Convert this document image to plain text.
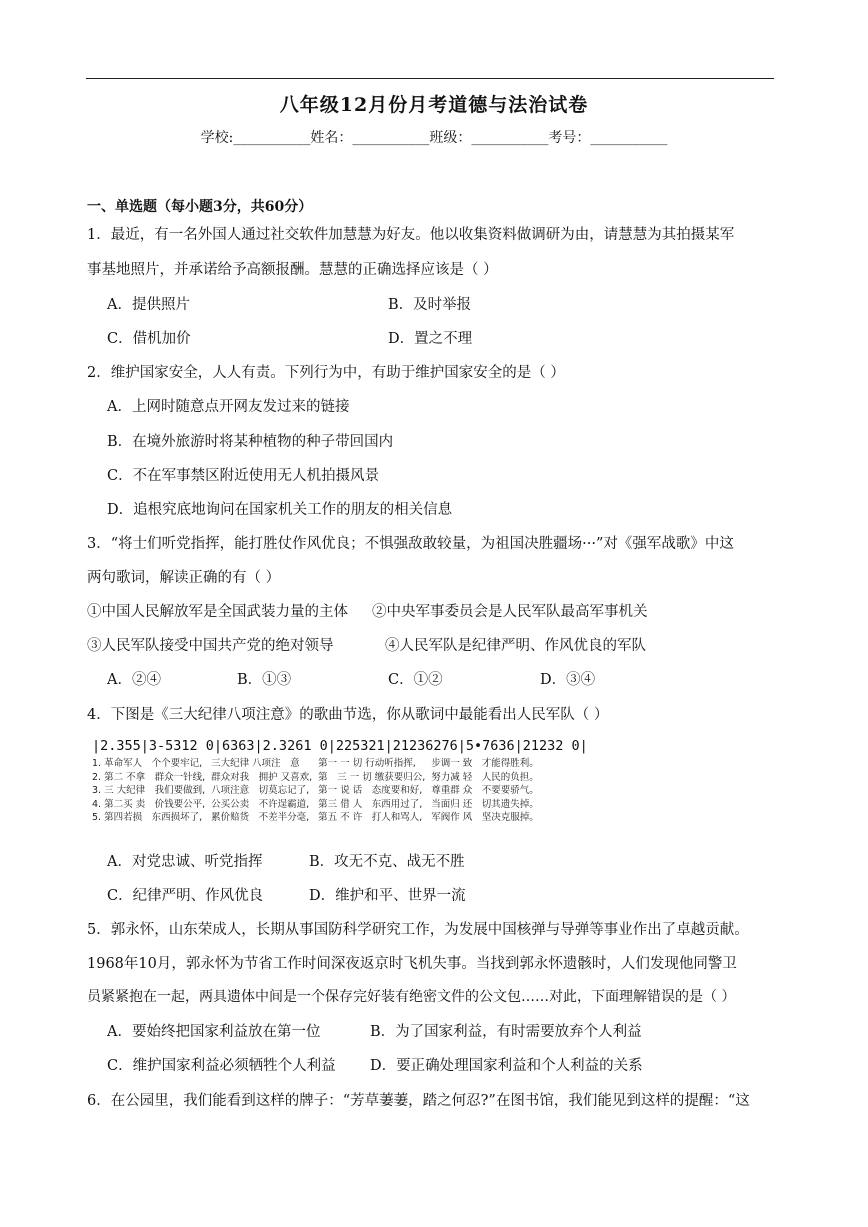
八年级12月份月考道德与法治试卷
学校:___________姓名：___________班级：___________考号：___________
一、单选题（每小题3分，共60分）
1．最近，有一名外国人通过社交软件加慧慧为好友。他以收集资料做调研为由，请慧慧为其拍摄某军
事基地照片，并承诺给予高额报酬。慧慧的正确选择应该是（ ）
A．提供照片	B．及时举报
C．借机加价	D．置之不理
2．维护国家安全，人人有责。下列行为中，有助于维护国家安全的是（ ）
A．上网时随意点开网友发过来的链接
B．在境外旅游时将某种植物的种子带回国内
C．不在军事禁区附近使用无人机拍摄风景
D．追根究底地询问在国家机关工作的朋友的相关信息
3．“将士们听党指挥，能打胜仗作风优良；不惧强敌敢较量，为祖国决胜疆场···”对《强军战歌》中这
两句歌词，解读正确的有（ ）
①中国人民解放军是全国武装力量的主体 ②中央军事委员会是人民军队最高军事机关
③人民军队接受中国共产党的绝对领导	④人民军队是纪律严明、作风优良的军队
A．②④	B．①③	C．①②	D．③④
4．下图是《三大纪律八项注意》的歌曲节选，你从歌词中最能看出人民军队（ ）
|2.355|3-5312 0|6363|2.3261 0|225321|21236276|5•7636|21232 0|
1. 革命军人　个个要牢记,	三大纪律 八项注　意	第一 一 切 行动听指挥,	步调一 致　才能得胜利。
2. 第二 不拿　群众一针线,	群众对我　拥护 又喜欢,	第　三 一 切 缴获要归公,	努力减 轻　人民的负担。
3. 三 大纪律　我们要做到,	八项注意　切莫忘记了,	第一 说 话　态度要和好,	尊重群 众　不要要骄气。
4. 第二买 卖　价钱要公平,	公买公卖　不许逞霸道,	第三 借 人　东西用过了,	当面归 还　切其遗失掉。
5. 第四若损　东西损坏了,	累价赔货　不差半分毫,	第五 不 许　打人和骂人,	军阀作 风　坚决克服掉。
A．对党忠诚、听党指挥	B．攻无不克、战无不胜
C．纪律严明、作风优良	D．维护和平、世界一流
5．郭永怀，山东荣成人，长期从事国防科学研究工作，为发展中国核弹与导弹等事业作出了卓越贡献。
1968年10月，郭永怀为节省工作时间深夜返京时飞机失事。当找到郭永怀遗骸时，人们发现他同警卫
员紧紧抱在一起，两具遗体中间是一个保存完好装有绝密文件的公文包……对此，下面理解错误的是（ ）
A．要始终把国家利益放在第一位	B．为了国家利益，有时需要放弃个人利益
C．维护国家利益必须牺牲个人利益 D．要正确处理国家利益和个人利益的关系
6．在公园里，我们能看到这样的牌子：“芳草萋萋，踏之何忍?”在图书馆，我们能见到这样的提醒：“这
